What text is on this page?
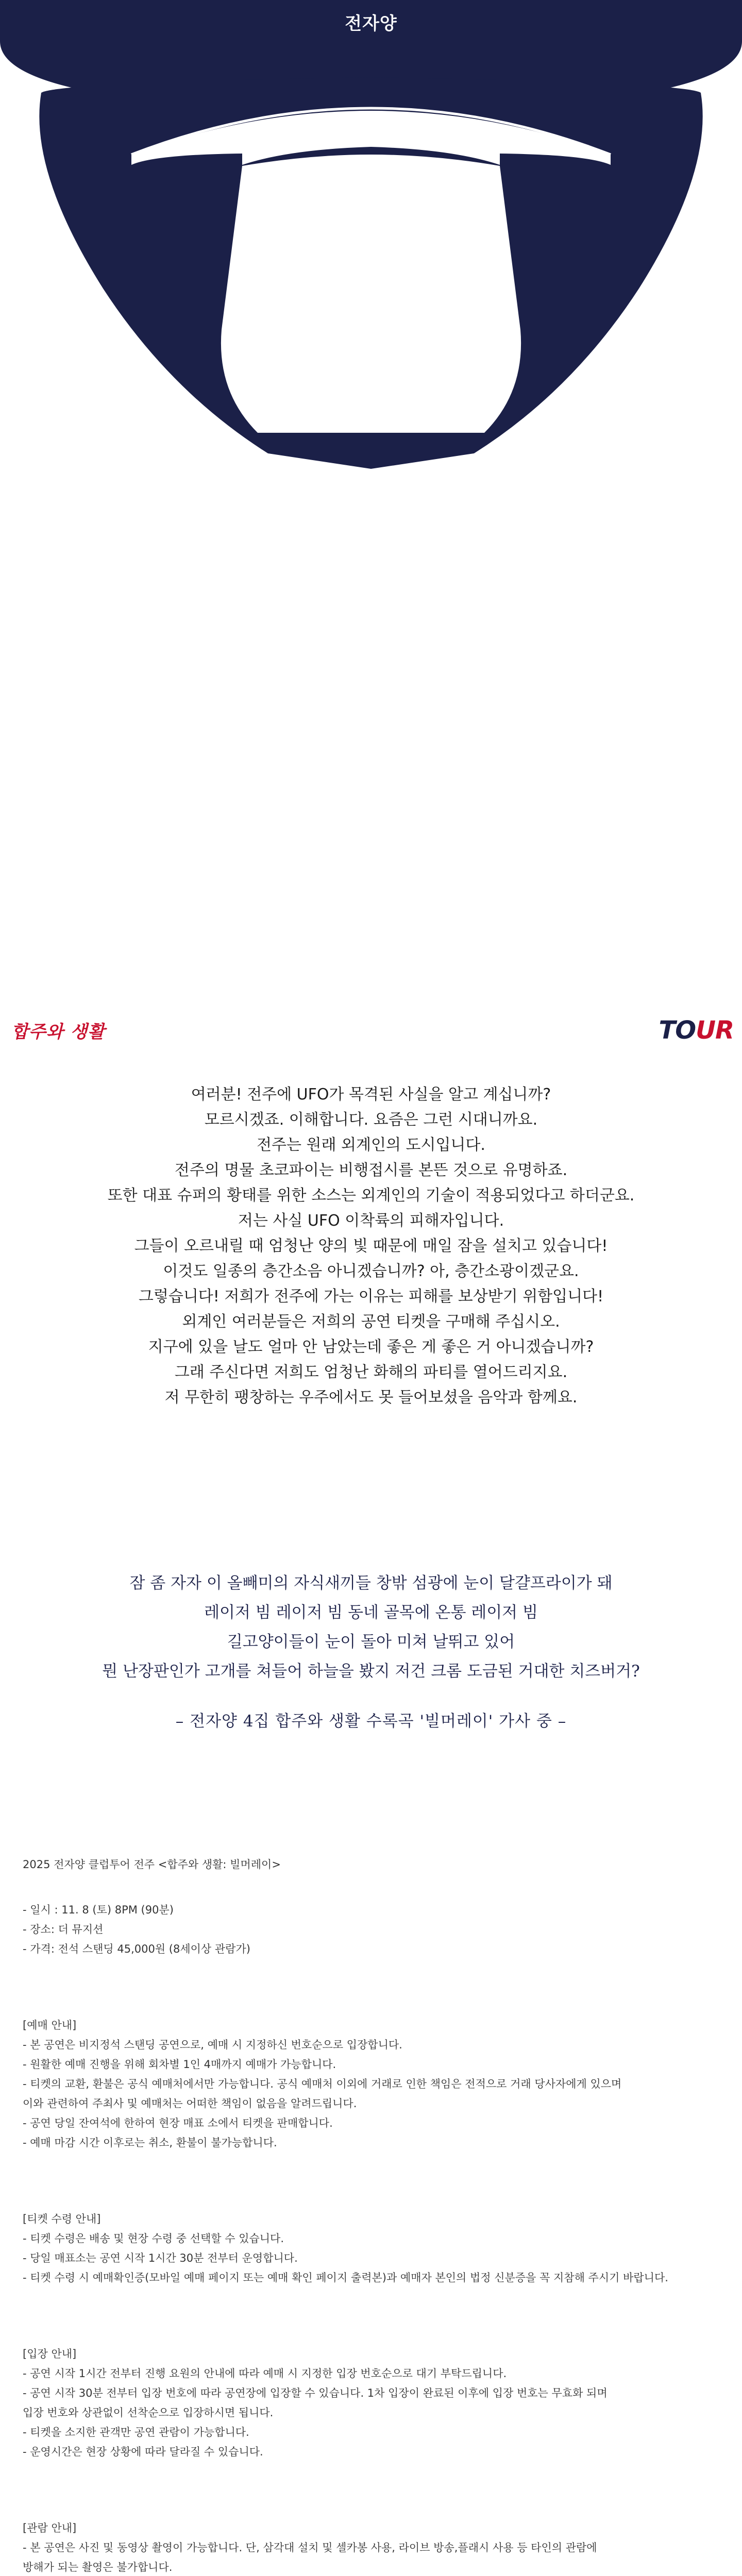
전자양
합주와 생활	TOUR

여러분! 전주에 UFO가 목격된 사실을 알고 계십니까?

모르시겠죠. 이해합니다. 요즘은 그런 시대니까요.

전주는 원래 외계인의 도시입니다.

전주의 명물 초코파이는 비행접시를 본뜬 것으로 유명하죠.

또한 대표 슈퍼의 황태를 위한 소스는 외계인의 기술이 적용되었다고 하더군요.

저는 사실 UFO 이착륙의 피해자입니다.

그들이 오르내릴 때 엄청난 양의 빛 때문에 매일 잠을 설치고 있습니다!

이것도 일종의 층간소음 아니겠습니까? 아, 층간소광이겠군요.

그렇습니다! 저희가 전주에 가는 이유는 피해를 보상받기 위함입니다!

외계인 여러분들은 저희의 공연 티켓을 구매해 주십시오.

지구에 있을 날도 얼마 안 남았는데 좋은 게 좋은 거 아니겠습니까?

그래 주신다면 저희도 엄청난 화해의 파티를 열어드리지요.

저 무한히 팽창하는 우주에서도 못 들어보셨을 음악과 함께요.

잠 좀 자자 이 올빼미의 자식새끼들 창밖 섬광에 눈이 달걀프라이가 돼

레이저 빔 레이저 빔 동네 골목에 온통 레이저 빔

길고양이들이 눈이 돌아 미쳐 날뛰고 있어

뭔 난장판인가 고개를 쳐들어 하늘을 봤지 저건 크롬 도금된 거대한 치즈버거?

– 전자양 4집 합주와 생활 수록곡 '빌머레이' 가사 중 –

2025 전자양 클럽투어 전주 <합주와 생활: 빌머레이>
- 일시 : 11. 8 (토) 8PM (90분)
- 장소: 더 뮤지션
- 가격: 전석 스탠딩 45,000원 (8세이상 관람가)
[예매 안내]
- 본 공연은 비지정석 스탠딩 공연으로, 예매 시 지정하신 번호순으로 입장합니다.
- 원활한 예매 진행을 위해 회차별 1인 4매까지 예매가 가능합니다.
- 티켓의 교환, 환불은 공식 예매처에서만 가능합니다. 공식 예매처 이외에 거래로 인한 책임은 전적으로 거래 당사자에게 있으며
이와 관련하여 주최사 및 예매처는 어떠한 책임이 없음을 알려드립니다.
- 공연 당일 잔여석에 한하여 현장 매표 소에서 티켓을 판매합니다.
- 예매 마감 시간 이후로는 취소, 환불이 불가능합니다.
[티켓 수령 안내]
- 티켓 수령은 배송 및 현장 수령 중 선택할 수 있습니다.
- 당일 매표소는 공연 시작 1시간 30분 전부터 운영합니다.
- 티켓 수령 시 예매확인증(모바일 예매 페이지 또는 예매 확인 페이지 출력본)과 예매자 본인의 법정 신분증을 꼭 지참해 주시기 바랍니다.
[입장 안내]
- 공연 시작 1시간 전부터 진행 요원의 안내에 따라 예매 시 지정한 입장 번호순으로 대기 부탁드립니다.
- 공연 시작 30분 전부터 입장 번호에 따라 공연장에 입장할 수 있습니다. 1차 입장이 완료된 이후에 입장 번호는 무효화 되며
입장 번호와 상관없이 선착순으로 입장하시면 됩니다.
- 티켓을 소지한 관객만 공연 관람이 가능합니다.
- 운영시간은 현장 상황에 따라 달라질 수 있습니다.
[관람 안내]
- 본 공연은 사진 및 동영상 촬영이 가능합니다. 단, 삼각대 설치 및 셀카봉 사용, 라이브 방송,플래시 사용 등 타인의 관람에
방해가 되는 촬영은 불가합니다.
